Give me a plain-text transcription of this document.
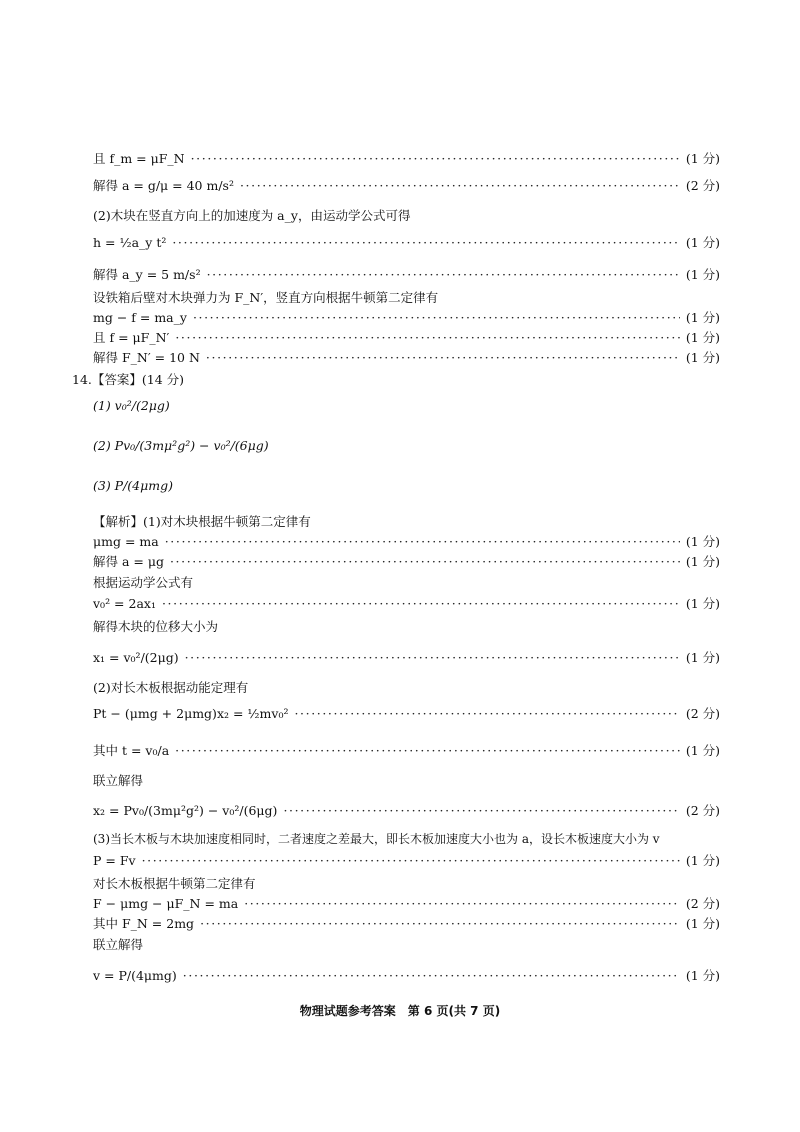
且 f_m = μF_N ·····	(1 分)
解得 a = g/μ = 40 m/s² ·····	(2 分)
(2)木块在竖直方向上的加速度为 a_y，由运动学公式可得
h = ½a_y t² ·····	(1 分)
解得 a_y = 5 m/s² ·····	(1 分)
设铁箱后壁对木块弹力为 F_N′，竖直方向根据牛顿第二定律有
mg − f = ma_y ·····	(1 分)
且 f = μF_N′ ·····	(1 分)
解得 F_N′ = 10 N ·····	(1 分)
14.【答案】(14 分)
(1) v₀²/(2μg)
(2) Pv₀/(3mμ²g²) − v₀²/(6μg)
(3) P/(4μmg)
【解析】(1)对木块根据牛顿第二定律有
μmg = ma ·····	(1 分)
解得 a = μg ·····	(1 分)
根据运动学公式有
v₀² = 2ax₁ ·····	(1 分)
解得木块的位移大小为
x₁ = v₀²/(2μg) ·····	(1 分)
(2)对长木板根据动能定理有
Pt − (μmg + 2μmg)x₂ = ½mv₀² ·····	(2 分)
其中 t = v₀/a ·····	(1 分)
联立解得
x₂ = Pv₀/(3mμ²g²) − v₀²/(6μg) ·····	(2 分)
(3)当长木板与木块加速度相同时，二者速度之差最大，即长木板加速度大小也为 a，设长木板速度大小为 v
P = Fv ·····	(1 分)
对长木板根据牛顿第二定律有
F − μmg − μF_N = ma ·····	(2 分)
其中 F_N = 2mg ·····	(1 分)
联立解得
v = P/(4μmg) ·····	(1 分)
物理试题参考答案　第 6 页(共 7 页)
